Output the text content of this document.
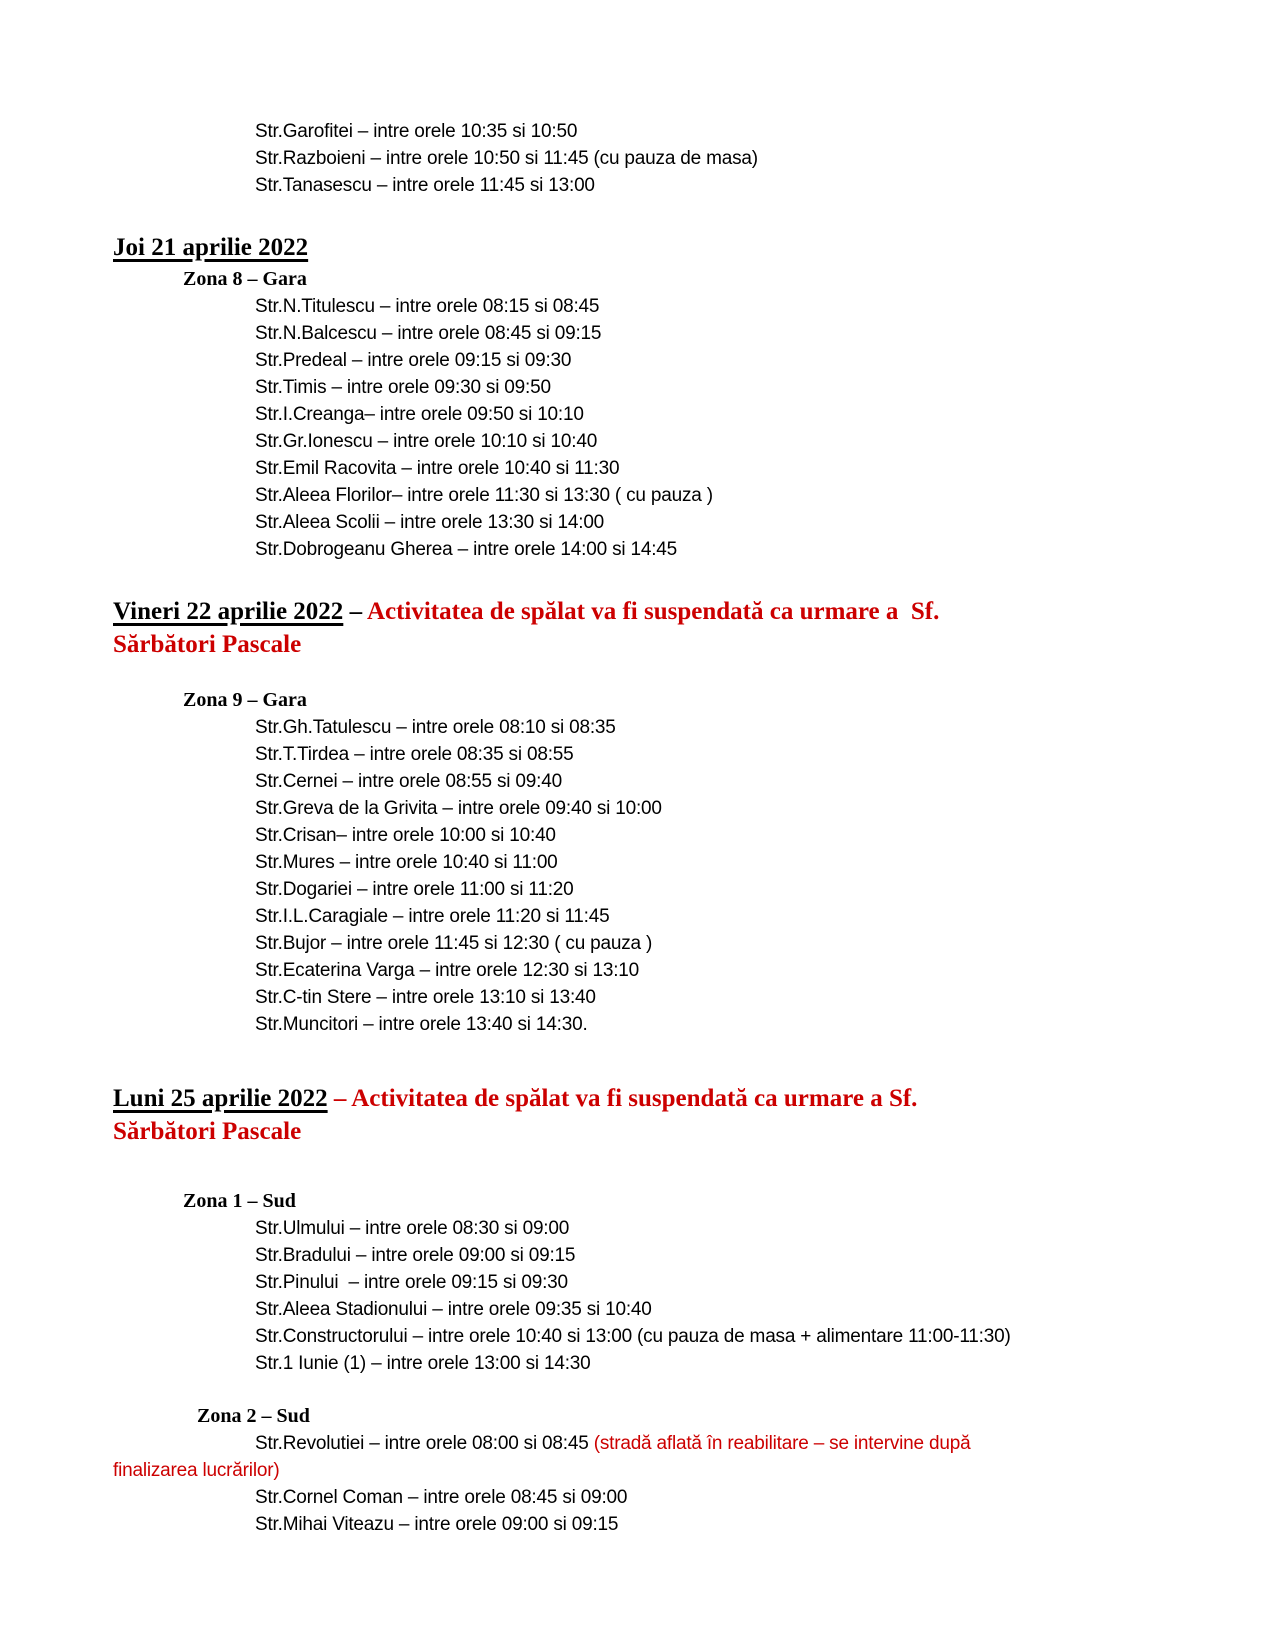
Str.Garofitei – intre orele 10:35 si 10:50
Str.Razboieni – intre orele 10:50 si 11:45 (cu pauza de masa)
Str.Tanasescu – intre orele 11:45 si 13:00
Joi 21 aprilie 2022
Zona 8 – Gara
Str.N.Titulescu – intre orele 08:15 si 08:45
Str.N.Balcescu – intre orele 08:45 si 09:15
Str.Predeal – intre orele 09:15 si 09:30
Str.Timis – intre orele 09:30 si 09:50
Str.I.Creanga– intre orele 09:50 si 10:10
Str.Gr.Ionescu – intre orele 10:10 si 10:40
Str.Emil Racovita – intre orele 10:40 si 11:30
Str.Aleea Florilor– intre orele 11:30 si 13:30 ( cu pauza )
Str.Aleea Scolii – intre orele 13:30 si 14:00
Str.Dobrogeanu Gherea – intre orele 14:00 si 14:45
Vineri 22 aprilie 2022 – Activitatea de spălat va fi suspendată ca urmare a  Sf.
Sărbători Pascale
Zona 9 – Gara
Str.Gh.Tatulescu – intre orele 08:10 si 08:35
Str.T.Tirdea – intre orele 08:35 si 08:55
Str.Cernei – intre orele 08:55 si 09:40
Str.Greva de la Grivita – intre orele 09:40 si 10:00
Str.Crisan– intre orele 10:00 si 10:40
Str.Mures – intre orele 10:40 si 11:00
Str.Dogariei – intre orele 11:00 si 11:20
Str.I.L.Caragiale – intre orele 11:20 si 11:45
Str.Bujor – intre orele 11:45 si 12:30 ( cu pauza )
Str.Ecaterina Varga – intre orele 12:30 si 13:10
Str.C-tin Stere – intre orele 13:10 si 13:40
Str.Muncitori – intre orele 13:40 si 14:30.
Luni 25 aprilie 2022 – Activitatea de spălat va fi suspendată ca urmare a Sf.
Sărbători Pascale
Zona 1 – Sud
Str.Ulmului – intre orele 08:30 si 09:00
Str.Bradului – intre orele 09:00 si 09:15
Str.Pinului  – intre orele 09:15 si 09:30
Str.Aleea Stadionului – intre orele 09:35 si 10:40
Str.Constructorului – intre orele 10:40 si 13:00 (cu pauza de masa + alimentare 11:00-11:30)
Str.1 Iunie (1) – intre orele 13:00 si 14:30
Zona 2 – Sud
Str.Revolutiei – intre orele 08:00 si 08:45 (stradă aflată în reabilitare – se intervine după
finalizarea lucrărilor)
Str.Cornel Coman – intre orele 08:45 si 09:00
Str.Mihai Viteazu – intre orele 09:00 si 09:15
